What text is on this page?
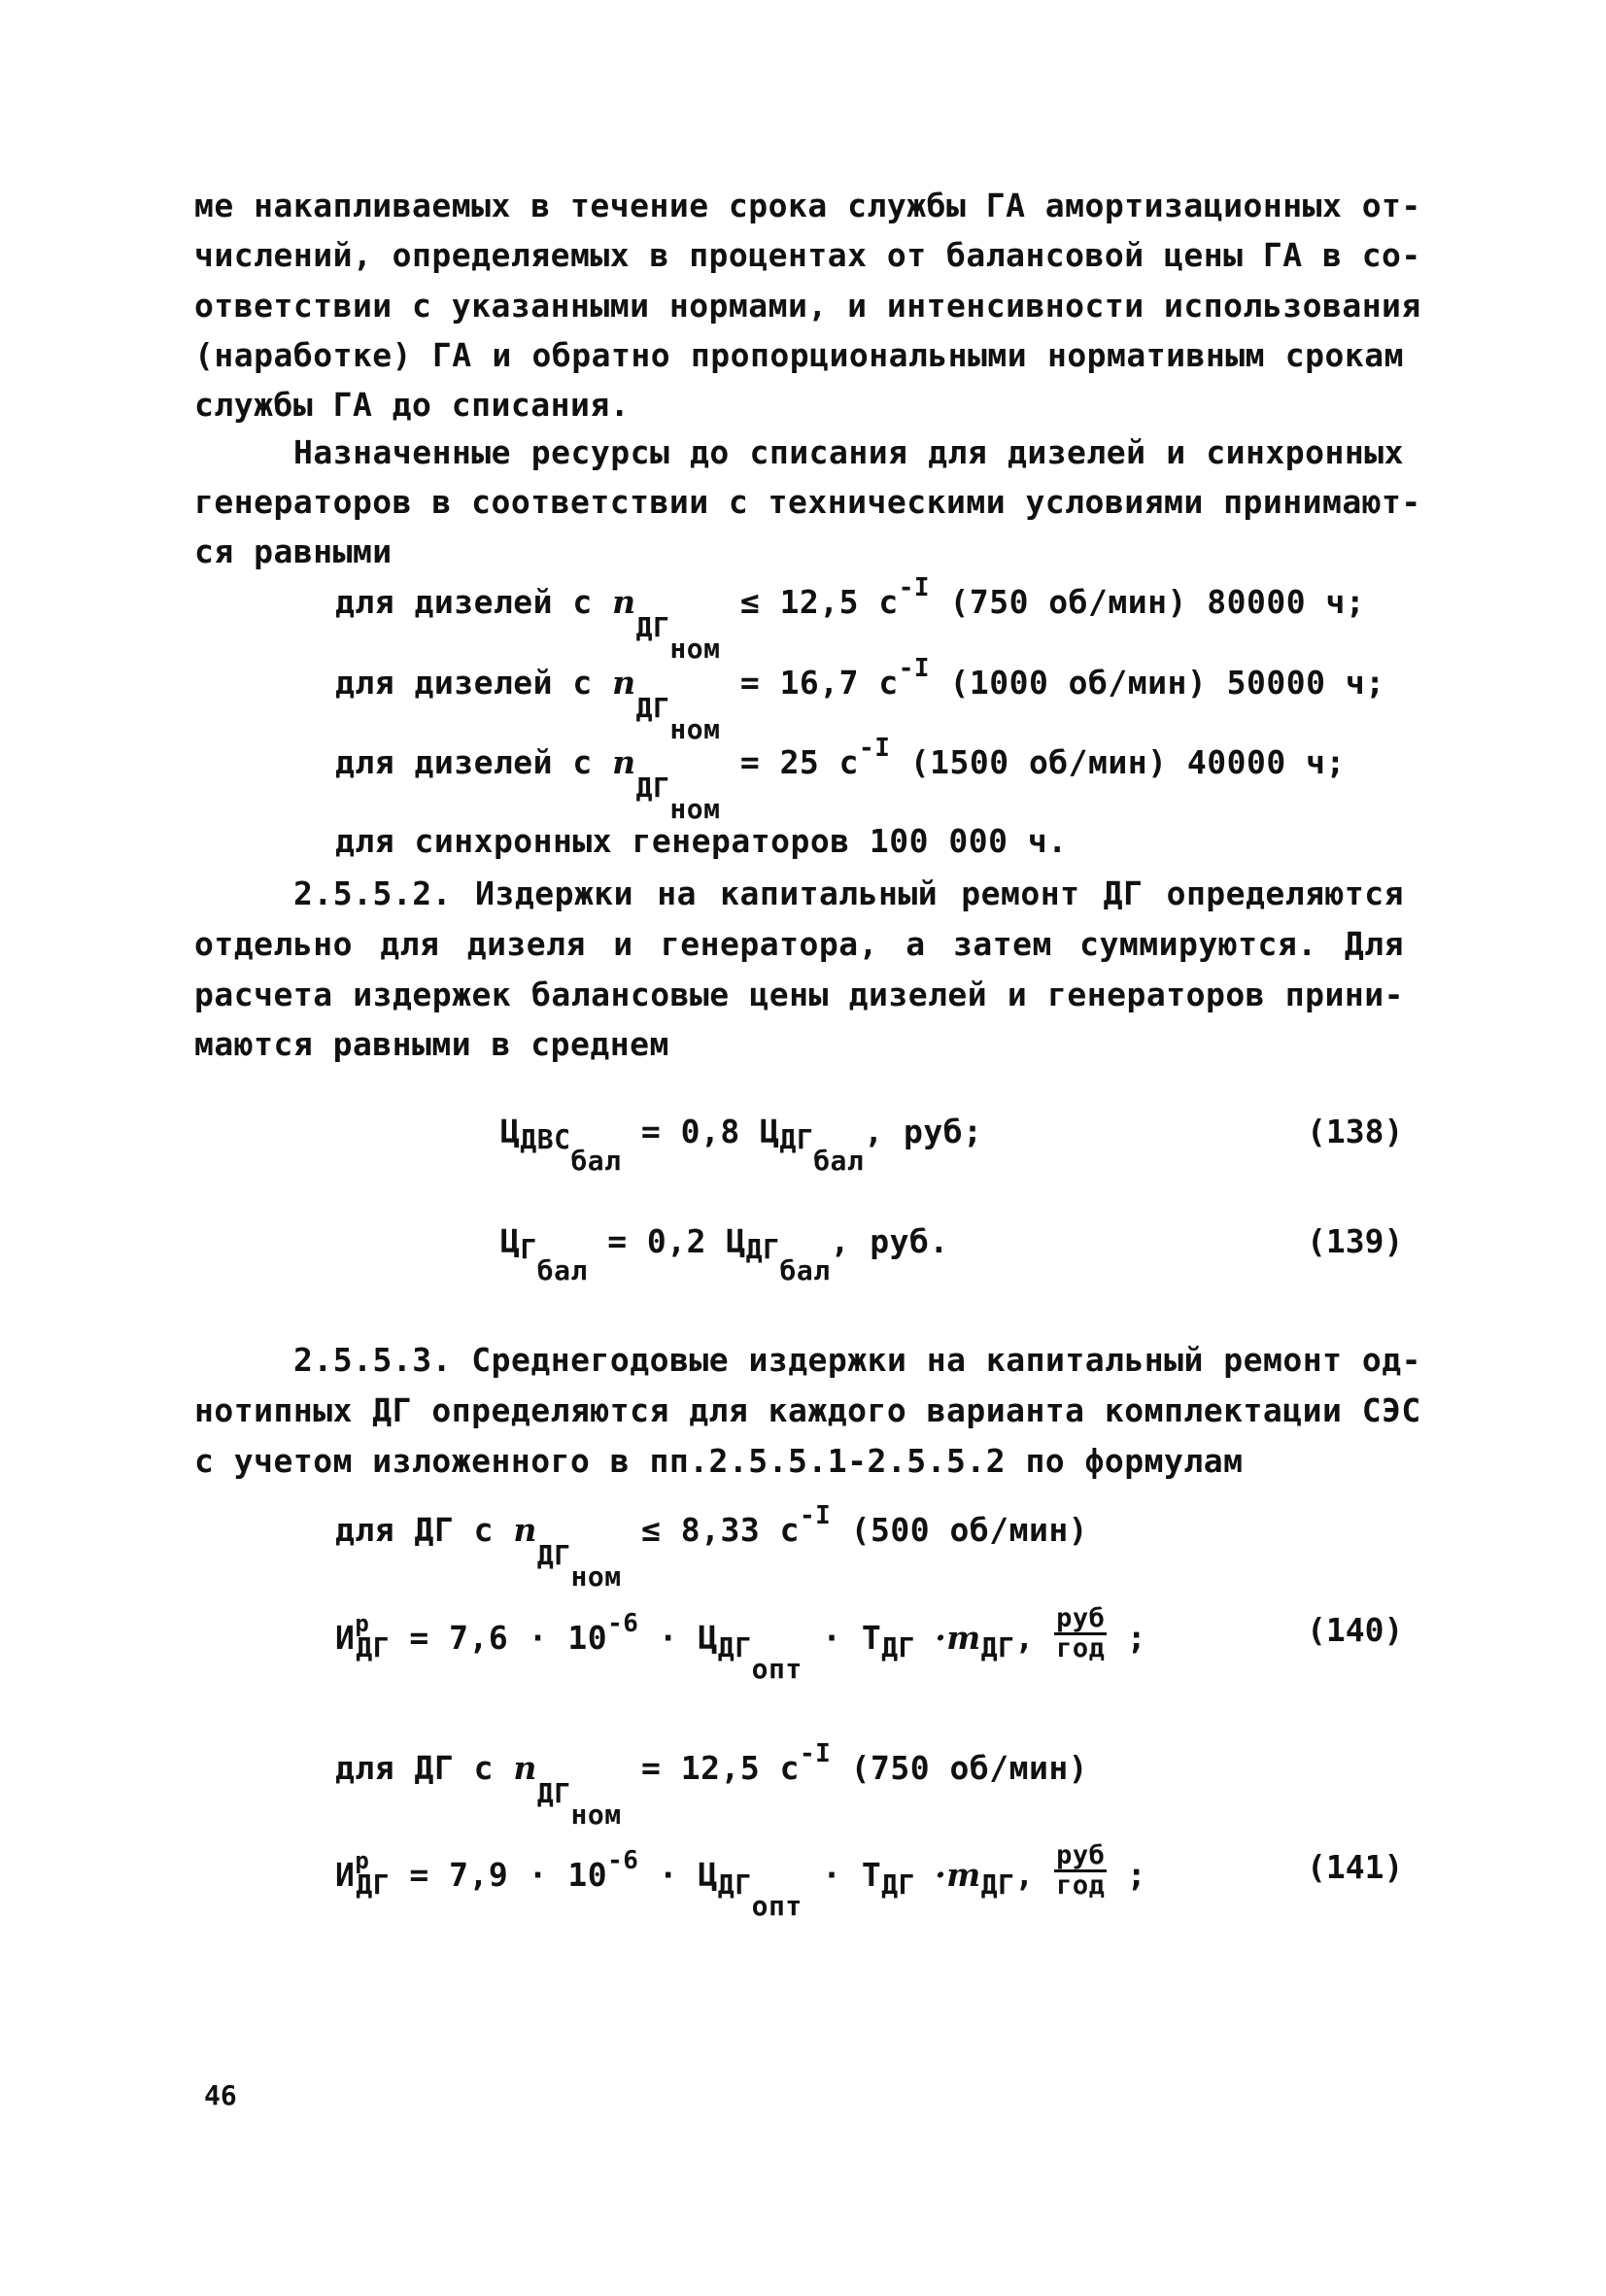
ме накапливаемых в течение срока службы ГА амортизационных от-
числений, определяемых в процентах от балансовой цены ГА в со-
ответствии с указанными нормами, и интенсивности использования
(наработке) ГА и обратно пропорциональными нормативным срокам
службы ГА до списания.
Назначенные ресурсы до списания для дизелей и синхронных
генераторов в соответствии с техническими условиями принимают-
ся равными
для дизелей с $n_{ДГном} \le 12,5$ $с^{-I}$ (750 об/мин) 80000 ч;
для дизелей с $n_{ДГном} = 16,7$ $с^{-I}$ (1000 об/мин) 50000 ч;
для дизелей с $n_{ДГном} = 25$ $с^{-I}$ (1500 об/мин) 40000 ч;
для синхронных генераторов 100 000 ч.
2.5.5.2. Издержки на капитальный ремонт ДГ определяются
отдельно для дизеля и генератора, а затем суммируются. Для
расчета издержек балансовые цены дизелей и генераторов прини-
маются равными в среднем
ЦДВСбал = 0,8 ЦДГбал, руб;	(138)
ЦГбал = 0,2 ЦДГбал, руб.	(139)
2.5.5.3. Среднегодовые издержки на капитальный ремонт од-
нотипных ДГ определяются для каждого варианта комплектации СЭС
с учетом изложенного в пп.2.5.5.1-2.5.5.2 по формулам
для ДГ с $n_{ДГном} \le 8,33$ $с^{-I}$ (500 об/мин)
$И^р_{ДГ} = 7,6 \cdot 10^{-6} \cdot Ц_{ДГопт} \cdot Т_{ДГ} \cdot m_{ДГ}$, $\frac{\text{руб}}{\text{год}}$ ;	(140)
для ДГ с $n_{ДГном} = 12,5$ $с^{-I}$ (750 об/мин)
$И^р_{ДГ} = 7,9 \cdot 10^{-6} \cdot Ц_{ДГопт} \cdot Т_{ДГ} \cdot m_{ДГ}$, $\frac{\text{руб}}{\text{год}}$ ;	(141)
46
